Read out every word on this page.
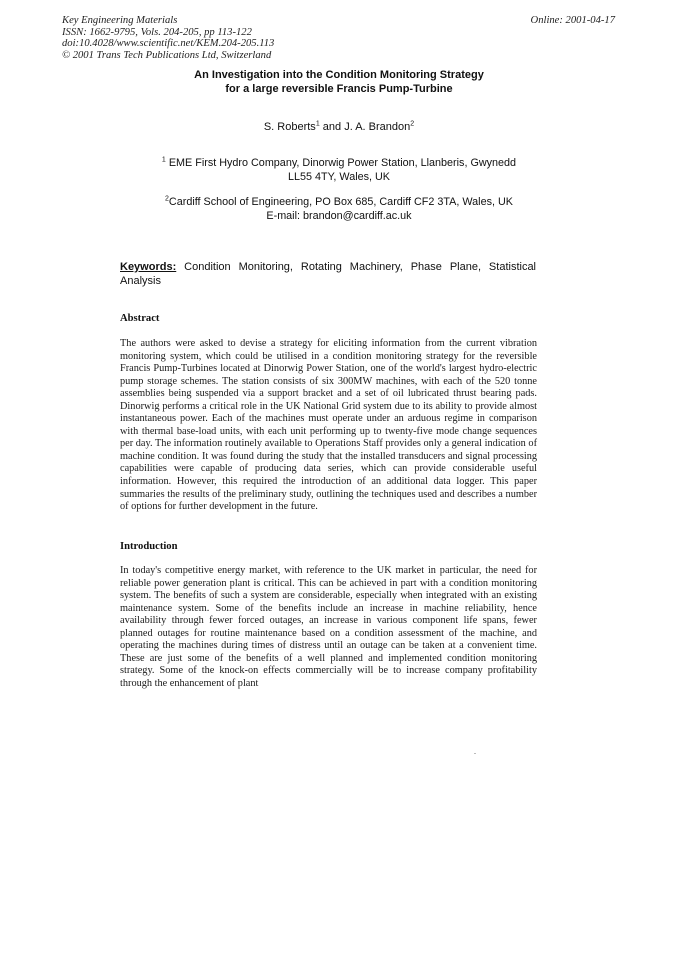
Key Engineering Materials
ISSN: 1662-9795, Vols. 204-205, pp 113-122
doi:10.4028/www.scientific.net/KEM.204-205.113
© 2001 Trans Tech Publications Ltd, Switzerland
Online: 2001-04-17
An Investigation into the Condition Monitoring Strategy
for a large reversible Francis Pump-Turbine
S. Roberts$^1$ and J. A. Brandon$^2$
$^1$ EME First Hydro Company, Dinorwig Power Station, Llanberis, Gwynedd
LL55 4TY, Wales, UK
$^2$Cardiff School of Engineering, PO Box 685, Cardiff CF2 3TA, Wales, UK
E-mail: brandon@cardiff.ac.uk
Keywords: Condition Monitoring, Rotating Machinery, Phase Plane, Statistical Analysis
Abstract
The authors were asked to devise a strategy for eliciting information from the current vibration monitoring system, which could be utilised in a condition monitoring strategy for the reversible Francis Pump-Turbines located at Dinorwig Power Station, one of the world's largest hydro-electric pump storage schemes. The station consists of six 300MW machines, with each of the 520 tonne assemblies being suspended via a support bracket and a set of oil lubricated thrust bearing pads. Dinorwig performs a critical role in the UK National Grid system due to its ability to provide almost instantaneous power. Each of the machines must operate under an arduous regime in comparison with thermal base-load units, with each unit performing up to twenty-five mode change sequences per day. The information routinely available to Operations Staff provides only a general indication of machine condition. It was found during the study that the installed transducers and signal processing capabilities were capable of producing data series, which can provide considerable useful information. However, this required the introduction of an additional data logger. This paper summaries the results of the preliminary study, outlining the techniques used and describes a number of options for further development in the future.
Introduction
In today's competitive energy market, with reference to the UK market in particular, the need for reliable power generation plant is critical. This can be achieved in part with a condition monitoring system. The benefits of such a system are considerable, especially when integrated with an existing maintenance system. Some of the benefits include an increase in machine reliability, hence availability through fewer forced outages, an increase in various component life spans, fewer planned outages for routine maintenance based on a condition assessment of the machine, and operating the machines during times of distress until an outage can be taken at a convenient time. These are just some of the benefits of a well planned and implemented condition monitoring strategy. Some of the knock-on effects commercially will be to increase company profitability through the enhancement of plant
